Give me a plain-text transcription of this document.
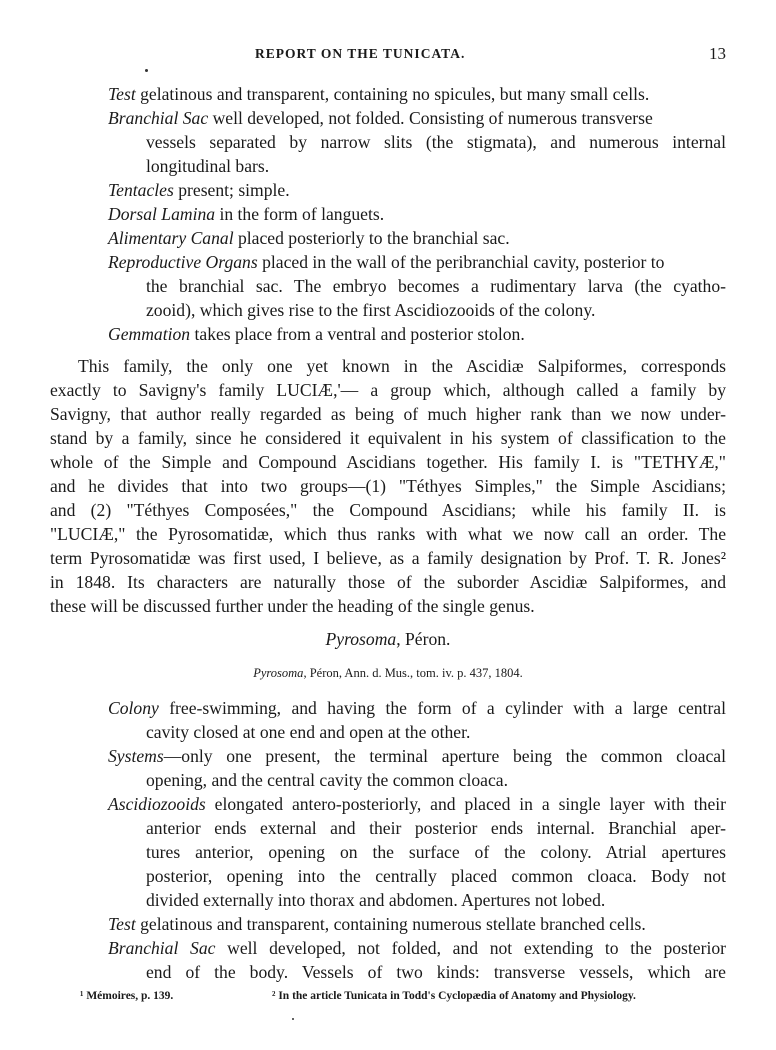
REPORT ON THE TUNICATA.	13
Test gelatinous and transparent, containing no spicules, but many small cells.
Branchial Sac well developed, not folded. Consisting of numerous transverse
vessels separated by narrow slits (the stigmata), and numerous internal
longitudinal bars.
Tentacles present; simple.
Dorsal Lamina in the form of languets.
Alimentary Canal placed posteriorly to the branchial sac.
Reproductive Organs placed in the wall of the peribranchial cavity, posterior to
the branchial sac. The embryo becomes a rudimentary larva (the cyatho-
zooid), which gives rise to the first Ascidiozooids of the colony.
Gemmation takes place from a ventral and posterior stolon.
This family, the only one yet known in the Ascidiæ Salpiformes, corresponds
exactly to Savigny's family LUCIÆ,'— a group which, although called a family by
Savigny, that author really regarded as being of much higher rank than we now under-
stand by a family, since he considered it equivalent in his system of classification to the
whole of the Simple and Compound Ascidians together. His family I. is "TETHYÆ,"
and he divides that into two groups—(1) "Téthyes Simples," the Simple Ascidians;
and (2) "Téthyes Composées," the Compound Ascidians; while his family II. is
"LUCIÆ," the Pyrosomatidæ, which thus ranks with what we now call an order. The
term Pyrosomatidæ was first used, I believe, as a family designation by Prof. T. R. Jones²
in 1848. Its characters are naturally those of the suborder Ascidiæ Salpiformes, and
these will be discussed further under the heading of the single genus.
Pyrosoma, Péron.
Pyrosoma, Péron, Ann. d. Mus., tom. iv. p. 437, 1804.
Colony free-swimming, and having the form of a cylinder with a large central
cavity closed at one end and open at the other.
Systems—only one present, the terminal aperture being the common cloacal
opening, and the central cavity the common cloaca.
Ascidiozooids elongated antero-posteriorly, and placed in a single layer with their
anterior ends external and their posterior ends internal. Branchial aper-
tures anterior, opening on the surface of the colony. Atrial apertures
posterior, opening into the centrally placed common cloaca. Body not
divided externally into thorax and abdomen. Apertures not lobed.
Test gelatinous and transparent, containing numerous stellate branched cells.
Branchial Sac well developed, not folded, and not extending to the posterior
end of the body. Vessels of two kinds: transverse vessels, which are
¹ Mémoires, p. 139.	² In the article Tunicata in Todd's Cyclopædia of Anatomy and Physiology.
